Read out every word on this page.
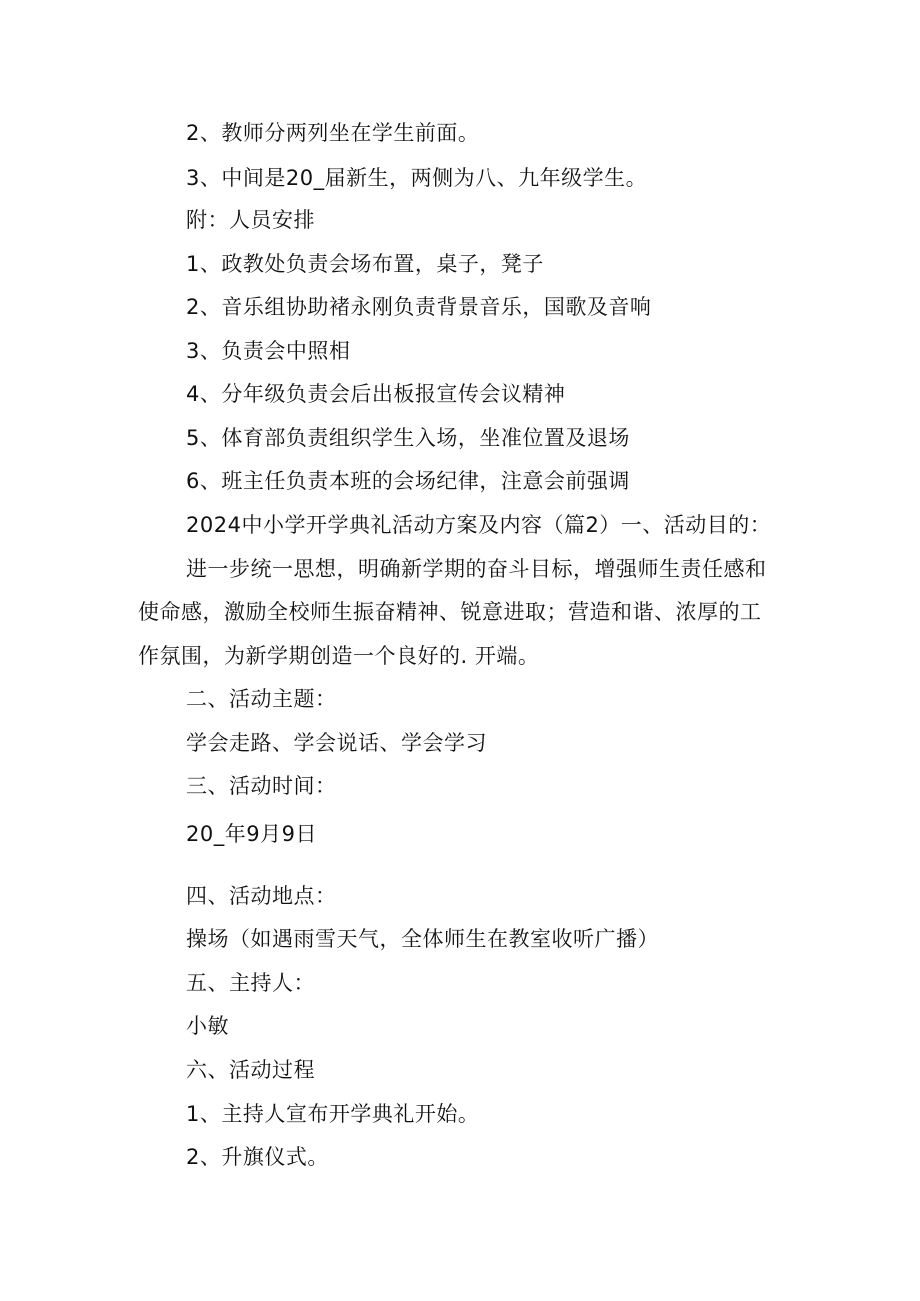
2、教师分两列坐在学生前面。
3、中间是20_届新生，两侧为八、九年级学生。
附：人员安排
1、政教处负责会场布置，桌子，凳子
2、音乐组协助褚永刚负责背景音乐，国歌及音响
3、负责会中照相
4、分年级负责会后出板报宣传会议精神
5、体育部负责组织学生入场，坐准位置及退场
6、班主任负责本班的会场纪律，注意会前强调
2024中小学开学典礼活动方案及内容（篇2）一、活动目的：
进一步统一思想，明确新学期的奋斗目标，增强师生责任感和
使命感，激励全校师生振奋精神、锐意进取；营造和谐、浓厚的工
作氛围，为新学期创造一个良好的. 开端。
二、活动主题：
学会走路、学会说话、学会学习
三、活动时间：
20_年9月9日
四、活动地点：
操场（如遇雨雪天气，全体师生在教室收听广播）
五、主持人：
小敏
六、活动过程
1、主持人宣布开学典礼开始。
2、升旗仪式。
